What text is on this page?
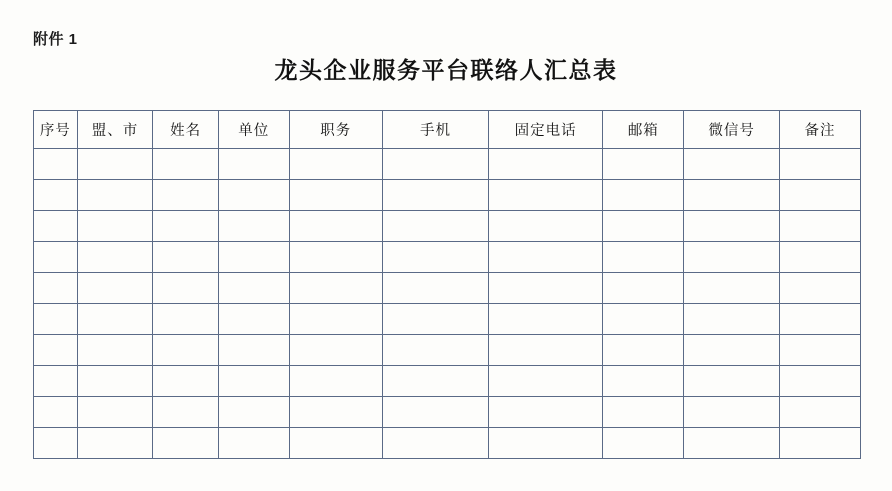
附件 1
龙头企业服务平台联络人汇总表
序号	盟、市	姓名	单位	职务	手机	固定电话	邮箱	微信号	备注
